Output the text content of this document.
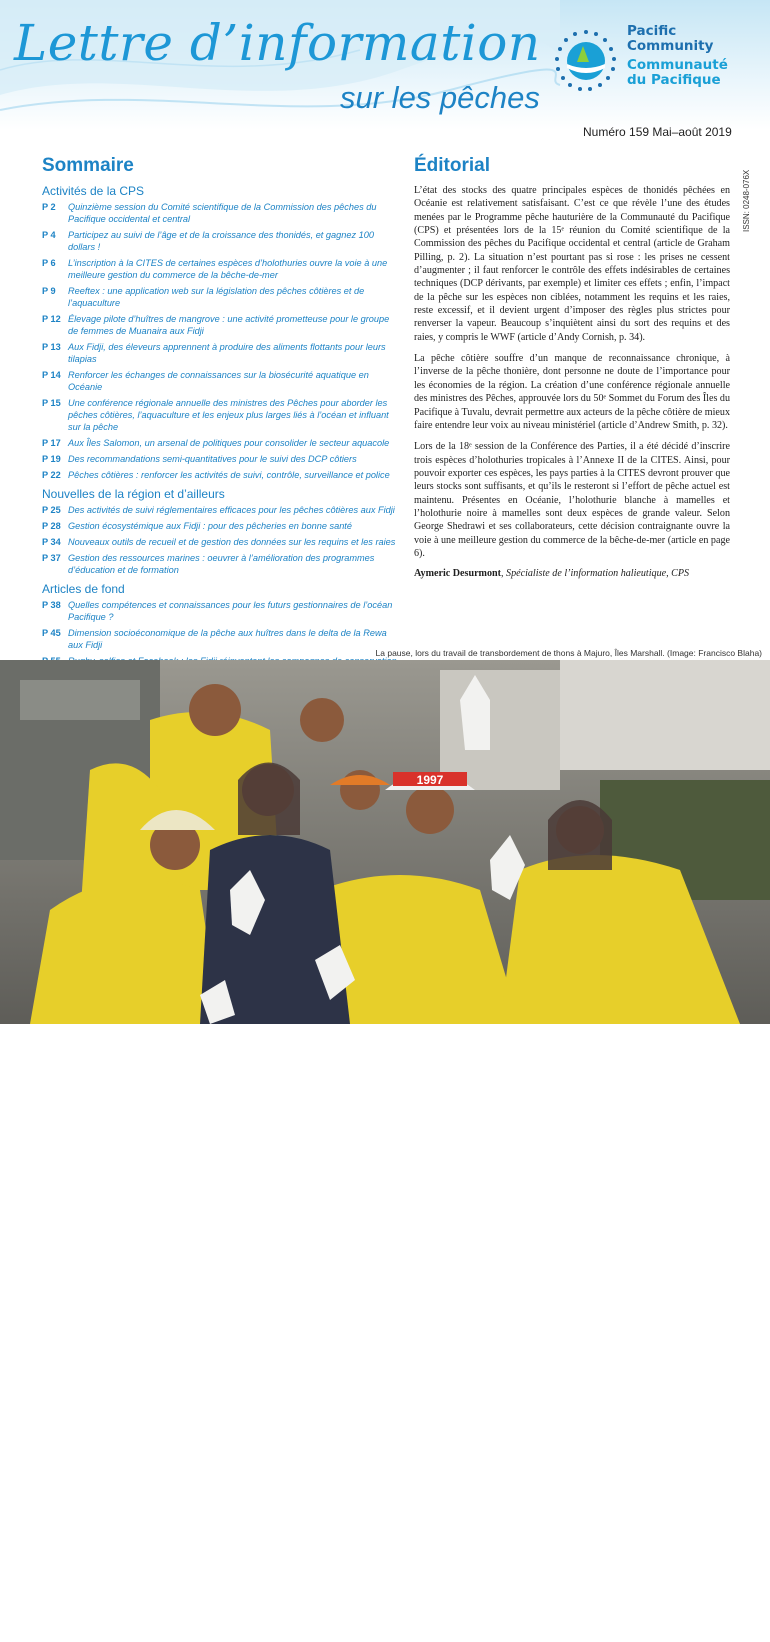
Lettre d’information
sur les pêches
Pacific
Community
Communauté
du Pacifique
Numéro 159 Mai–août 2019
ISSN: 0248-076X
Sommaire
Activités de la CPS
P 2	Quinzième session du Comité scientifique de la Commission des pêches du Pacifique occidental et central
P 4	Participez au suivi de l’âge et de la croissance des thonidés, et gagnez 100 dollars !
P 6	L’inscription à la CITES de certaines espèces d’holothuries ouvre la voie à une meilleure gestion du commerce de la bêche-de-mer
P 9	Reeftex : une application web sur la législation des pêches côtières et de l’aquaculture
P 12 Élevage pilote d’huîtres de mangrove : une activité prometteuse pour le groupe de femmes de Muanaira aux Fidji
P 13 Aux Fidji, des éleveurs apprennent à produire des aliments flottants pour leurs tilapias
P 14 Renforcer les échanges de connaissances sur la biosécurité aquatique en Océanie
P 15 Une conférence régionale annuelle des ministres des Pêches pour aborder les pêches côtières, l’aquaculture et les enjeux plus larges liés à l’océan et influant sur la pêche
P 17 Aux Îles Salomon, un arsenal de politiques pour consolider le secteur aquacole
P 19 Des recommandations semi-quantitatives pour le suivi des DCP côtiers
P 22 Pêches côtières : renforcer les activités de suivi, contrôle, surveillance et police
Nouvelles de la région et d’ailleurs
P 25 Des activités de suivi réglementaires efficaces pour les pêches côtières aux Fidji
P 28 Gestion écosystémique aux Fidji : pour des pêcheries en bonne santé
P 34 Nouveaux outils de recueil et de gestion des données sur les requins et les raies
P 37 Gestion des ressources marines : oeuvrer à l’amélioration des programmes d’éducation et de formation
Articles de fond
P 38 Quelles compétences et connaissances pour les futurs gestionnaires de l’océan Pacifique ?
P 45 Dimension socioéconomique de la pêche aux huîtres dans le delta de la Rewa aux Fidji
Éditorial

L’état des stocks des quatre principales espèces de thonidés pêchées en Océanie est relativement satisfaisant. C’est ce que révèle l’une des études menées par le Programme pêche hauturière de la Communauté du Pacifique (CPS) et présentées lors de la 15ᵉ réunion du Comité scientifique de la Commission des pêches du Pacifique occidental et central (article de Graham Pilling, p. 2). La situation n’est pourtant pas si rose : les prises ne cessent d’augmenter ; il faut renforcer le contrôle des effets indésirables de certaines techniques (DCP dérivants, par exemple) et limiter ces effets ; enfin, l’impact de la pêche sur les espèces non ciblées, notamment les requins et les raies, reste excessif, et il devient urgent d’imposer des règles plus strictes pour renverser la vapeur. Beaucoup s’inquiètent ainsi du sort des requins et des raies, y compris le WWF (article d’Andy Cornish, p. 34).

La pêche côtière souffre d’un manque de reconnaissance chronique, à l’inverse de la pêche thonière, dont personne ne doute de l’importance pour les économies de la région. La création d’une conférence régionale annuelle des ministres des Pêches, approuvée lors du 50ᵉ Sommet du Forum des Îles du Pacifique à Tuvalu, devrait permettre aux acteurs de la pêche côtière de mieux faire entendre leur voix au niveau ministériel (article d’Andrew Smith, p. 32).

Lors de la 18ᵉ session de la Conférence des Parties, il a été décidé d’inscrire trois espèces d’holothuries tropicales à l’Annexe II de la CITES. Ainsi, pour pouvoir exporter ces espèces, les pays parties à la CITES devront prouver que leurs stocks sont suffisants, et qu’ils le resteront si l’effort de pêche actuel est maintenu. Présentes en Océanie, l’holothurie blanche à mamelles et l’holothurie noire à mamelles sont deux espèces de grande valeur. Selon George Shedrawi et ses collaborateurs, cette décision contraignante ouvre la voie à une meilleure gestion du commerce de la bêche-de-mer (article en page 6).

Aymeric Desurmont, Spécialiste de l’information halieutique, CPS
La pause, lors du travail de transbordement de thons à Majuro, Îles Marshall. (Image: Francisco Blaha)
1997
DIVISION
pêche,
aquaculture
et écosystèmes
marins
